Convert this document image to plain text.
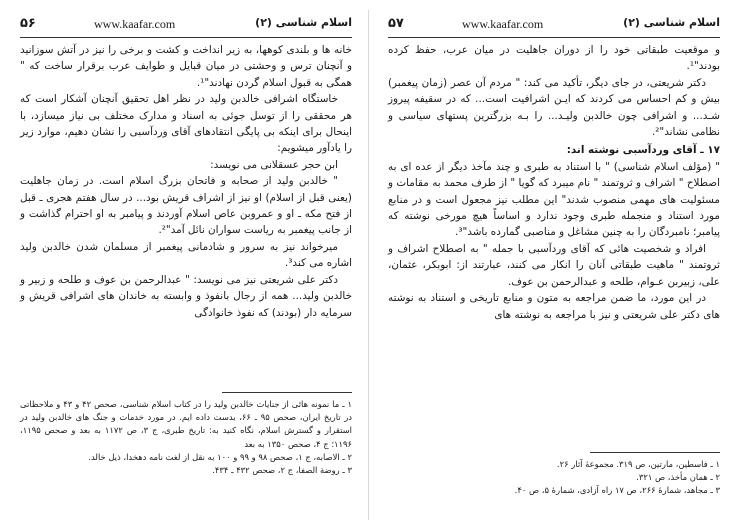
۵۶	www.kaafar.com	اسلام شناسی (۲)

خانه ها و بلندی کوهها، به زیر انداخت و کشت و برخی را نیز در آتش سوزانید و آنچنان ترس و وحشتی در میان قبایل و طوایف عرب برقرار ساخت که " همگی به قبول اسلام گردن نهادند"¹.

خاستگاه اشرافی خالدبن ولید در نظر اهل تحقیق آنچنان آشکار است که هر محققی را از توسل جوئی به اسناد و مدارک مختلف بی نیاز میسازد، با اینحال برای اینکه بی پایگی انتقادهای آقای وردآسبی را نشان دهیم، موارد زیر را یادآور میشویم:

ابن حجر عسقلانی می نویسد:

" خالدبن ولید از صحابه و فاتحان بزرگ اسلام است. در زمان جاهلیت (یعنی قبل از اسلام) او نیز از اشراف قریش بود... در سال هفتم هجری ـ قبل از فتح مکه ـ او و عمروبن عاص اسلام آوردند و پیامبر به او احترام گذاشت و از جانب پیغمبر به ریاست سواران نائل آمد"².

میرخواند نیز به سرور و شادمانی پیغمبر از مسلمان شدن خالدبن ولید اشاره می کند³.

دکتر علی شریعتی نیز می نویسد: " عبدالرحمن بن عوف و طلحه و زبیر و خالدبن ولید... همه از رجال بانفوذ و وابسته به خاندان های اشرافی قریش و سرمایه دار (بودند) که نفوذ خانوادگی

۱ ـ ما نمونه هائی از جنایات خالدبن ولید را در کتاب اسلام شناسی، صحص ۴۲ و ۴۳ و ملاحظاتی در تاریخ ایران، صحص ۹۵ ـ ۶۶، بدست داده ایم. در مورد خدمات و جنگ های خالدبن ولید در استقرار و گسترش اسلام، نگاه کنید به: تاریخ طبری، ج ۳، ص ۱۱۷۲ به بعد و صحص ۱۱۹۵، ۱۱۹۶؛ ج ۴، صحص ۱۳۵۰ به بعد

۲ ـ الاصابه، ج ۱، صحص ۹۸ و ۹۹ و ۱۰۰ به نقل از لغت نامه دهخدا، ذیل خالد.

۳ ـ روضة الصفا، ج ۲، صحص ۴۳۲ ـ ۴۳۴.

۵۷	www.kaafar.com	اسلام شناسی (۲)

و موقعیت طبقاتی خود را از دوران جاهلیت در میان عرب، حفظ کرده بودند"¹.

دکتر شریعتی، در جای دیگر، تأکید می کند: " مردم آن عصر (زمان پیغمبر) بیش و کم احساس می کردند که ایـن اشرافیت است... که در سقیفه پیروز شـد... و اشرافی چون خالدبن ولیـد... را بـه بزرگترین پستهای سیاسی و نظامی نشاند"².

۱۷ ـ آقای وردآسبی نوشته اند:

" (مؤلف اسلام شناسی) " با استناد به طبری و چند مآخذ دیگر از عده ای به اصطلاح " اشراف و ثروتمند " نام میبرد که گویا " از طرف محمد به مقامات و مسئولیت های مهمی منصوب شدند" این مطلب نیز مجعول است و در منابع مورد استناد و منجمله طبری وجود ندارد و اساساً هیچ مورخی نوشته که پیامبر؛ نامبردگان را به چنین مشاغل و مناصبی گمارده باشد"³.

افراد و شخصیت هائی که آقای وردآسبی با جمله " به اصطلاح اشراف و ثروتمند " ماهیت طبقاتی آنان را انکار می کنند، عبارتند از: ابوبکر، عثمان، علی، زبیربن عـوام، طلحه و عبدالرحمن بن عوف.

در این مورد، ما ضمن مراجعه به متون و منابع تاریخی و استناد به نوشته های دکتر علی شریعتی و نیز با مراجعه به نوشته های

۱ ـ فاسطین، مارتین، ص ۳۱۹. مجموعهٔ آثار ۲۶.

۲ ـ همان مأخذ، ص ۳۲۱.

۳ ـ مجاهد، شمارهٔ ۲۶۶، ص ۱۷ راه آزادی، شمارهٔ ۵، ص ۴۰.
